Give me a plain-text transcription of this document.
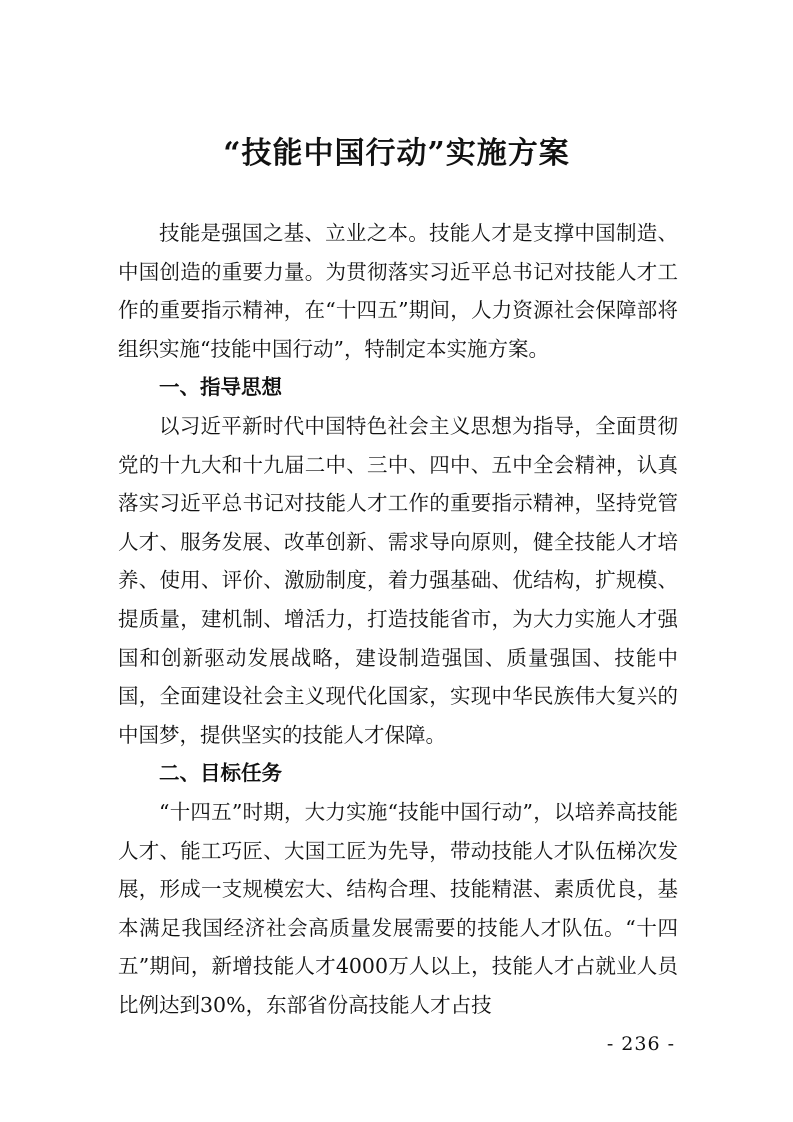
“技能中国行动”实施方案

技能是强国之基、立业之本。技能人才是支撑中国制造、中国创造的重要力量。为贯彻落实习近平总书记对技能人才工作的重要指示精神，在“十四五”期间，人力资源社会保障部将组织实施“技能中国行动”，特制定本实施方案。

一、指导思想

以习近平新时代中国特色社会主义思想为指导，全面贯彻党的十九大和十九届二中、三中、四中、五中全会精神，认真落实习近平总书记对技能人才工作的重要指示精神，坚持党管人才、服务发展、改革创新、需求导向原则，健全技能人才培养、使用、评价、激励制度，着力强基础、优结构，扩规模、提质量，建机制、增活力，打造技能省市，为大力实施人才强国和创新驱动发展战略，建设制造强国、质量强国、技能中国，全面建设社会主义现代化国家，实现中华民族伟大复兴的中国梦，提供坚实的技能人才保障。

二、目标任务

“十四五”时期，大力实施“技能中国行动”，以培养高技能人才、能工巧匠、大国工匠为先导，带动技能人才队伍梯次发展，形成一支规模宏大、结构合理、技能精湛、素质优良，基本满足我国经济社会高质量发展需要的技能人才队伍。“十四五”期间，新增技能人才4000万人以上，技能人才占就业人员比例达到30%，东部省份高技能人才占技

- 236 -
